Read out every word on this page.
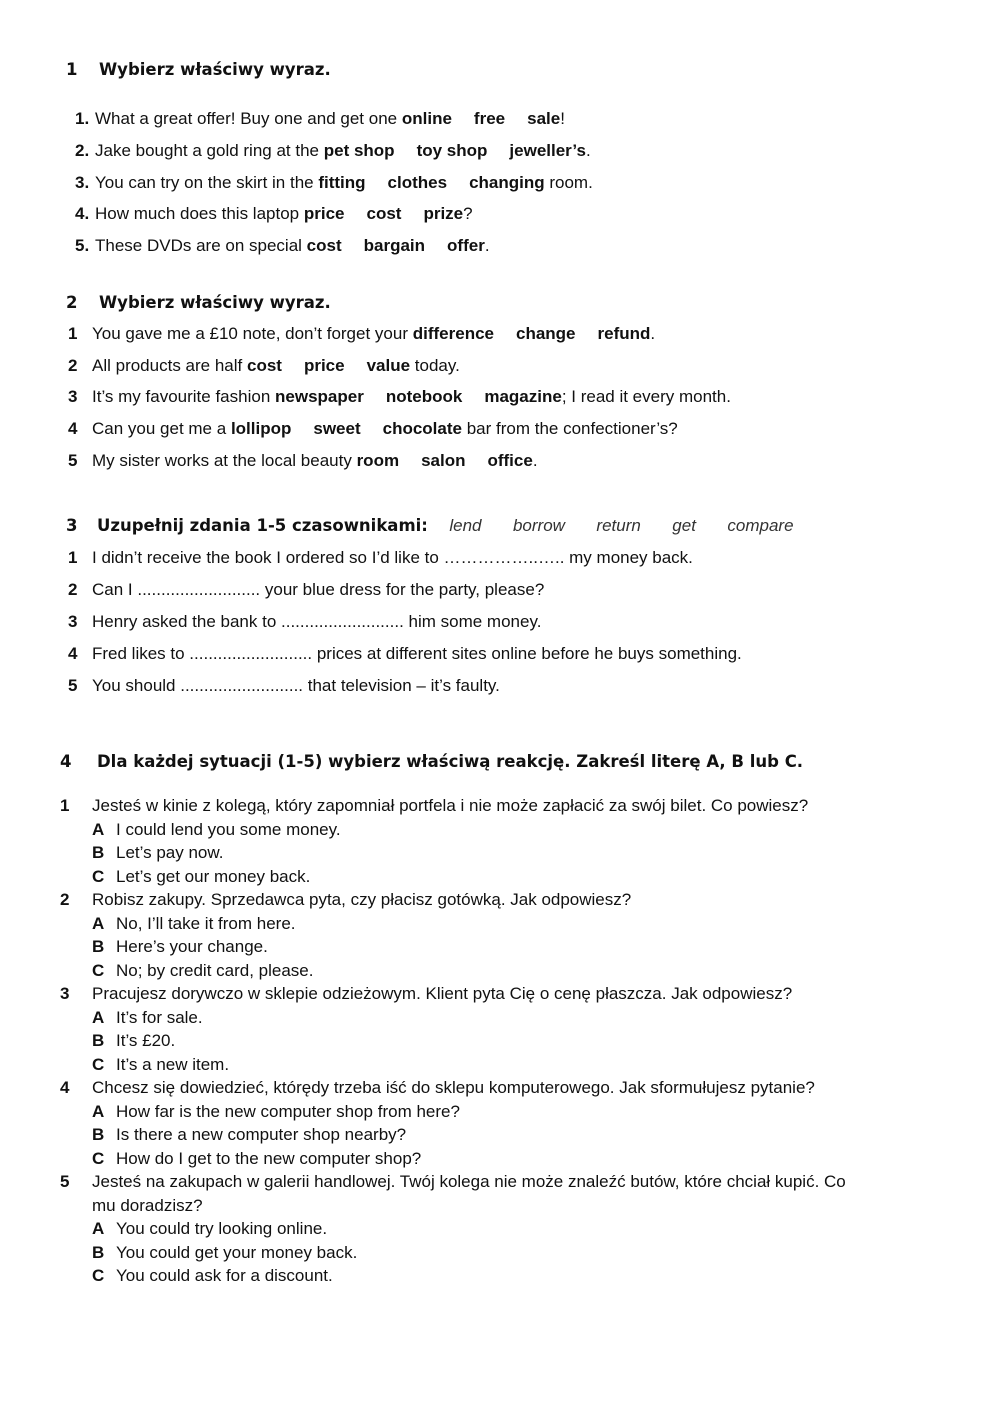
1 Wybierz właściwy wyraz.
1. What a great offer! Buy one and get one online free sale!
2. Jake bought a gold ring at the pet shop toy shop jeweller’s.
3. You can try on the skirt in the fitting clothes changing room.
4. How much does this laptop price cost prize?
5. These DVDs are on special cost bargain offer.
2 Wybierz właściwy wyraz.
1 You gave me a £10 note, don’t forget your difference change refund.
2 All products are half cost price value today.
3 It’s my favourite fashion newspaper notebook magazine; I read it every month.
4 Can you get me a lollipop sweet chocolate bar from the confectioner’s?
5 My sister works at the local beauty room salon office.
3 Uzupełnij zdania 1-5 czasownikami: lend borrow return get compare
1 I didn’t receive the book I ordered so I’d like to ……………..….. my money back.
2 Can I .......................... your blue dress for the party, please?
3 Henry asked the bank to .......................... him some money.
4 Fred likes to .......................... prices at different sites online before he buys something.
5 You should .......................... that television – it’s faulty.
4 Dla każdej sytuacji (1-5) wybierz właściwą reakcję. Zakreśl literę A, B lub C.
1 Jesteś w kinie z kolegą, który zapomniał portfela i nie może zapłacić za swój bilet. Co powiesz?
A I could lend you some money.
B Let’s pay now.
C Let’s get our money back.
2 Robisz zakupy. Sprzedawca pyta, czy płacisz gotówką. Jak odpowiesz?
A No, I’ll take it from here.
B Here’s your change.
C No; by credit card, please.
3 Pracujesz dorywczo w sklepie odzieżowym. Klient pyta Cię o cenę płaszcza. Jak odpowiesz?
A It’s for sale.
B It’s £20.
C It’s a new item.
4 Chcesz się dowiedzieć, którędy trzeba iść do sklepu komputerowego. Jak sformułujesz pytanie?
A How far is the new computer shop from here?
B Is there a new computer shop nearby?
C How do I get to the new computer shop?
5 Jesteś na zakupach w galerii handlowej. Twój kolega nie może znaleźć butów, które chciał kupić. Co
mu doradzisz?
A You could try looking online.
B You could get your money back.
C You could ask for a discount.
